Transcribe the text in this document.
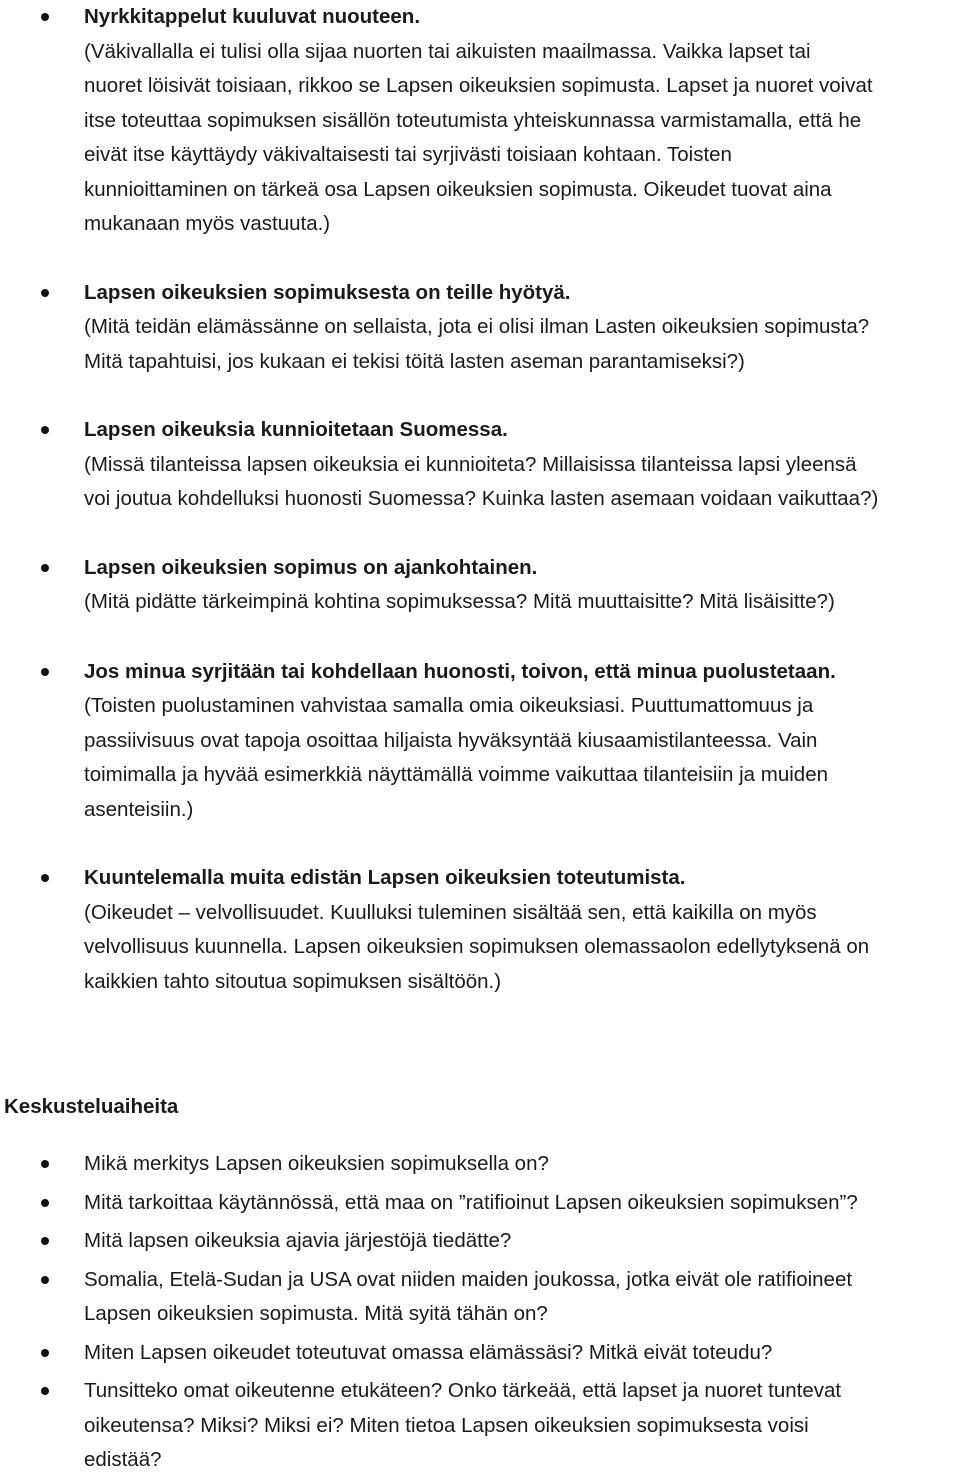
Nyrkkitappelut kuuluvat nuouteen.
(Väkivallalla ei tulisi olla sijaa nuorten tai aikuisten maailmassa. Vaikka lapset tai
nuoret löisivät toisiaan, rikkoo se Lapsen oikeuksien sopimusta. Lapset ja nuoret voivat
itse toteuttaa sopimuksen sisällön toteutumista yhteiskunnassa varmistamalla, että he
eivät itse käyttäydy väkivaltaisesti tai syrjivästi toisiaan kohtaan. Toisten
kunnioittaminen on tärkeä osa Lapsen oikeuksien sopimusta. Oikeudet tuovat aina
mukanaan myös vastuuta.)
Lapsen oikeuksien sopimuksesta on teille hyötyä.
(Mitä teidän elämässänne on sellaista, jota ei olisi ilman Lasten oikeuksien sopimusta?
Mitä tapahtuisi, jos kukaan ei tekisi töitä lasten aseman parantamiseksi?)
Lapsen oikeuksia kunnioitetaan Suomessa.
(Missä tilanteissa lapsen oikeuksia ei kunnioiteta? Millaisissa tilanteissa lapsi yleensä
voi joutua kohdelluksi huonosti Suomessa? Kuinka lasten asemaan voidaan vaikuttaa?)
Lapsen oikeuksien sopimus on ajankohtainen.
(Mitä pidätte tärkeimpinä kohtina sopimuksessa? Mitä muuttaisitte? Mitä lisäisitte?)
Jos minua syrjitään tai kohdellaan huonosti, toivon, että minua puolustetaan.
(Toisten puolustaminen vahvistaa samalla omia oikeuksiasi. Puuttumattomuus ja
passiivisuus ovat tapoja osoittaa hiljaista hyväksyntää kiusaamistilanteessa. Vain
toimimalla ja hyvää esimerkkiä näyttämällä voimme vaikuttaa tilanteisiin ja muiden
asenteisiin.)
Kuuntelemalla muita edistän Lapsen oikeuksien toteutumista.
(Oikeudet – velvollisuudet. Kuulluksi tuleminen sisältää sen, että kaikilla on myös
velvollisuus kuunnella. Lapsen oikeuksien sopimuksen olemassaolon edellytyksenä on
kaikkien tahto sitoutua sopimuksen sisältöön.)
Keskusteluaiheita
Mikä merkitys Lapsen oikeuksien sopimuksella on?
Mitä tarkoittaa käytännössä, että maa on ”ratifioinut Lapsen oikeuksien sopimuksen”?
Mitä lapsen oikeuksia ajavia järjestöjä tiedätte?
Somalia, Etelä-Sudan ja USA ovat niiden maiden joukossa, jotka eivät ole ratifioineet
Lapsen oikeuksien sopimusta. Mitä syitä tähän on?
Miten Lapsen oikeudet toteutuvat omassa elämässäsi? Mitkä eivät toteudu?
Tunsitteko omat oikeutenne etukäteen? Onko tärkeää, että lapset ja nuoret tuntevat
oikeutensa? Miksi? Miksi ei? Miten tietoa Lapsen oikeuksien sopimuksesta voisi
edistää?
